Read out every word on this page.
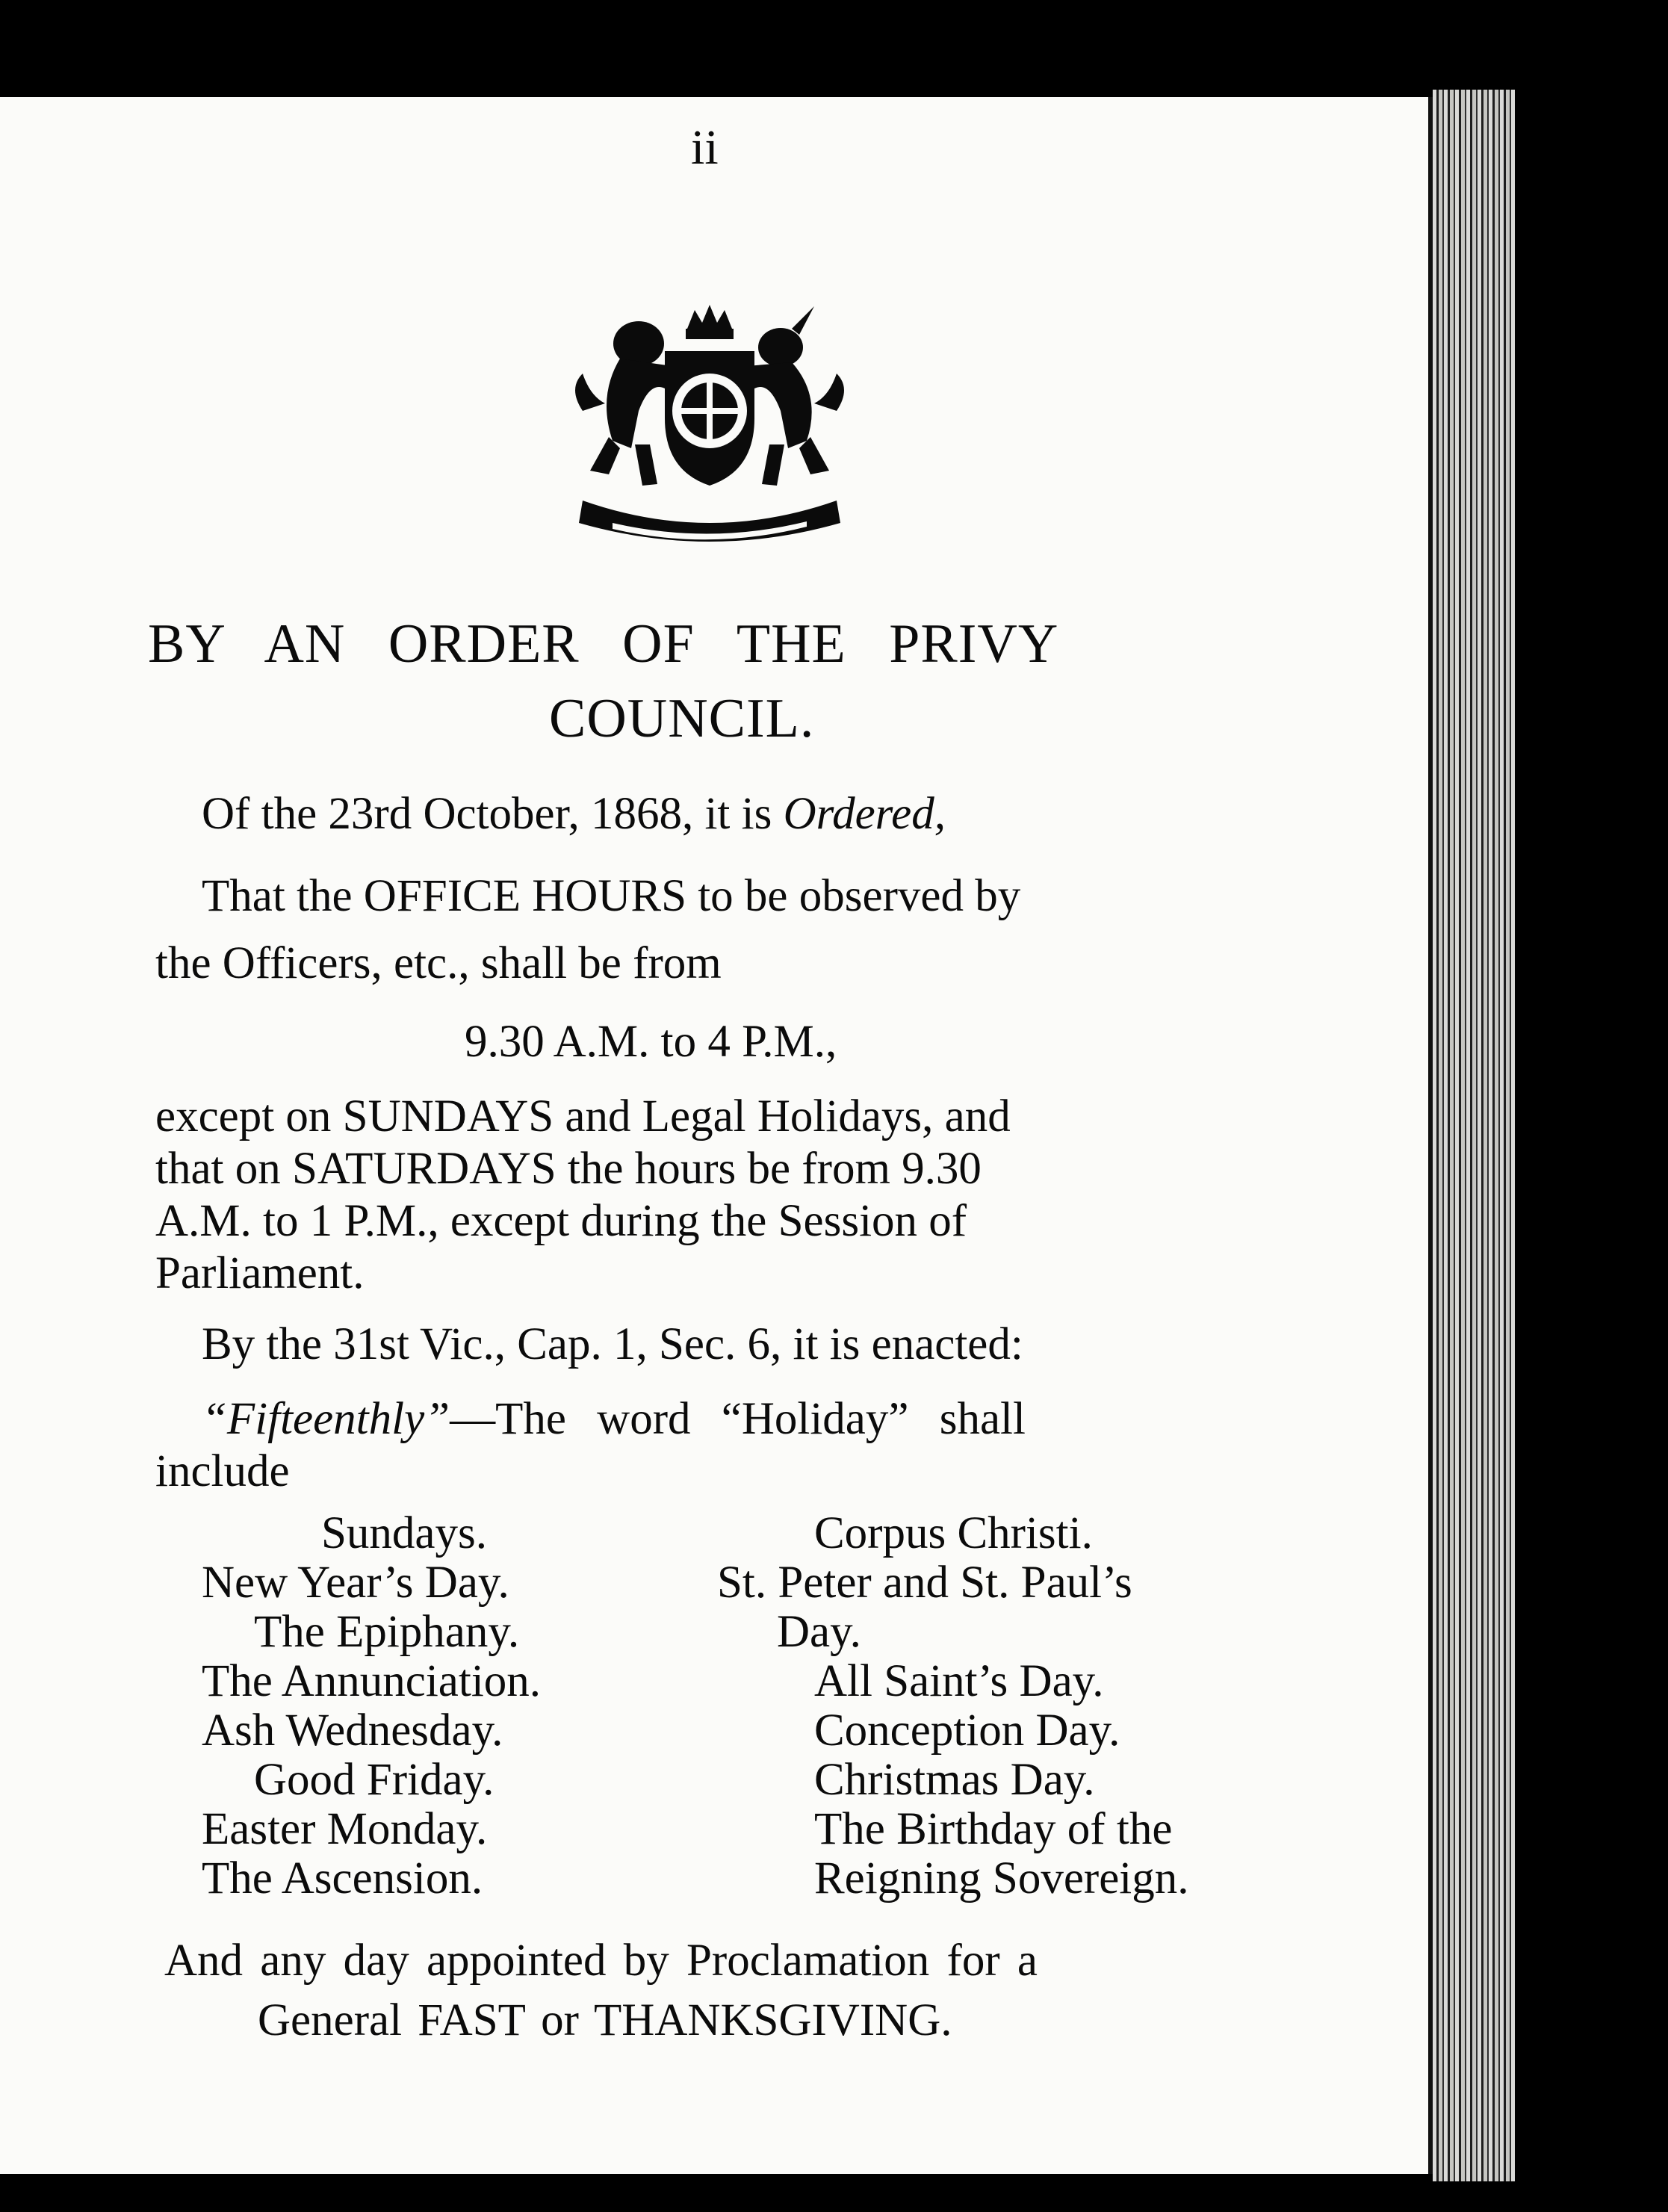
ii
BY AN ORDER OF THE PRIVY
COUNCIL.
Of the 23rd October, 1868, it is Ordered,
That the OFFICE HOURS to be observed by
the Officers, etc., shall be from
9.30 A.M. to 4 P.M.,
except on SUNDAYS and Legal Holidays, and
that on SATURDAYS the hours be from 9.30
A.M. to 1 P.M., except during the Session of
Parliament.
By the 31st Vic., Cap. 1, Sec. 6, it is enacted:
“Fifteenthly”—The word “Holiday” shall
include
Sundays.
New Year’s Day.
The Epiphany.
The Annunciation.
Ash Wednesday.
Good Friday.
Easter Monday.
The Ascension.
Corpus Christi.
St. Peter and St. Paul’s
Day.
All Saint’s Day.
Conception Day.
Christmas Day.
The Birthday of the
Reigning Sovereign.
And any day appointed by Proclamation for a
General FAST or THANKSGIVING.
